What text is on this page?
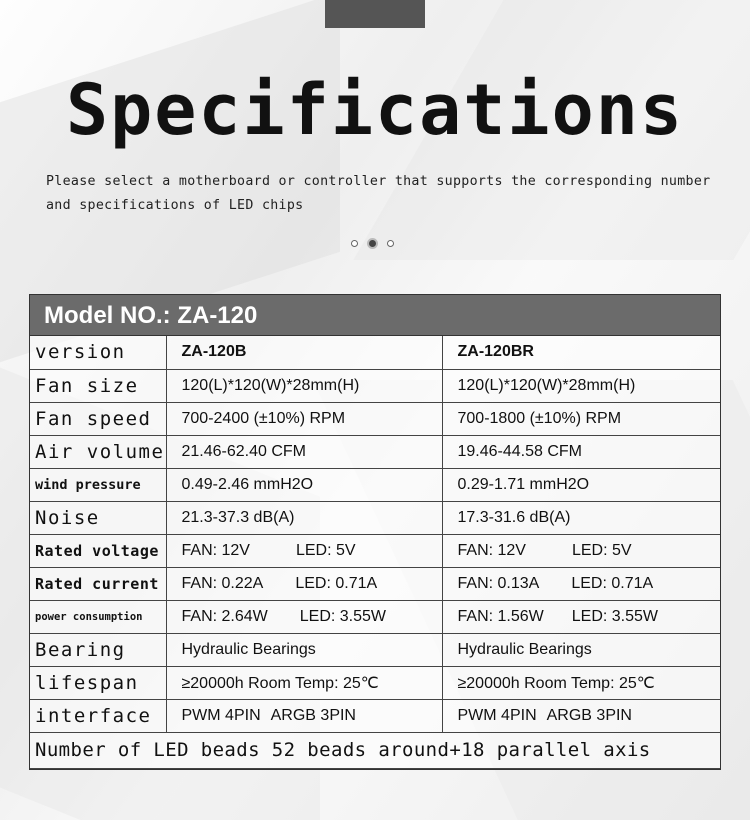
Specifications
Please select a motherboard or controller that supports the corresponding number
and specifications of LED chips
Model NO.: ZA-120
version	ZA-120B	ZA-120BR
Fan size	120(L)*120(W)*28mm(H)	120(L)*120(W)*28mm(H)
Fan speed	700-2400 (±10%) RPM	700-1800 (±10%) RPM
Air volume	21.46-62.40 CFM	19.46-44.58 CFM
wind pressure	0.49-2.46 mmH2O	0.29-1.71 mmH2O
Noise	21.3-37.3 dB(A)	17.3-31.6 dB(A)
Rated voltage	FAN: 12V LED: 5V	FAN: 12V LED: 5V
Rated current	FAN: 0.22A LED: 0.71A	FAN: 0.13A LED: 0.71A
power consumption	FAN: 2.64W LED: 3.55W	FAN: 1.56W LED: 3.55W
Bearing	Hydraulic Bearings	Hydraulic Bearings
lifespan	≥20000h Room Temp: 25℃	≥20000h Room Temp: 25℃
interface	PWM 4PIN ARGB 3PIN	PWM 4PIN ARGB 3PIN
Number of LED beads 52 beads around+18 parallel axis		
